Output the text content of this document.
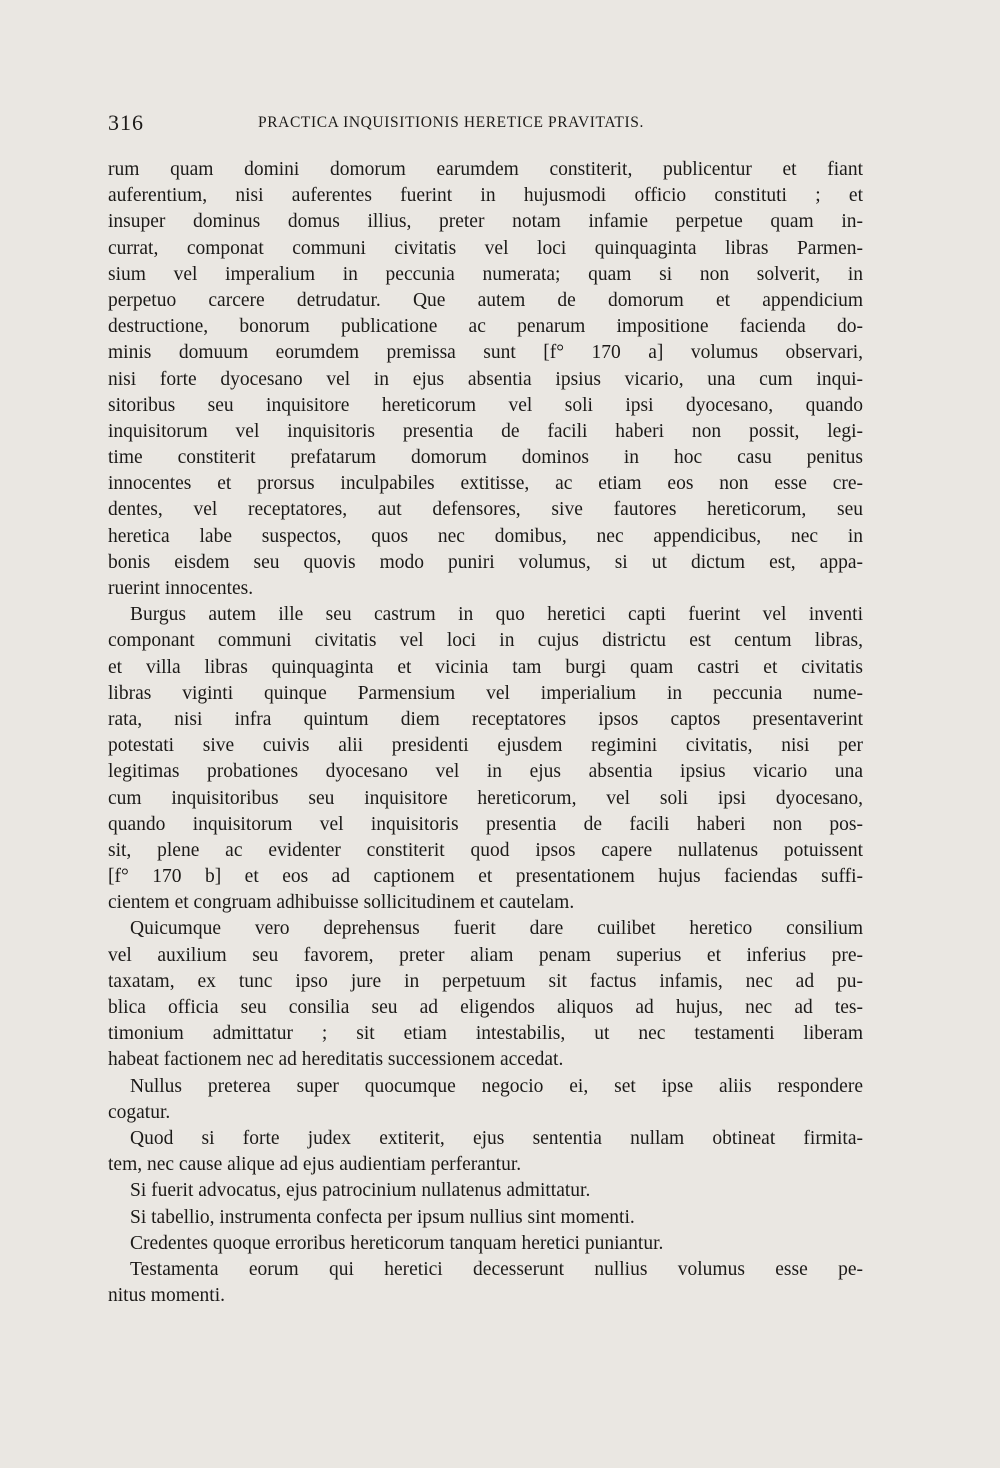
316	PRACTICA INQUISITIONIS HERETICE PRAVITATIS.
rum quam domini domorum earumdem constiterit, publicentur et fiant
auferentium, nisi auferentes fuerint in hujusmodi officio constituti ; et
insuper dominus domus illius, preter notam infamie perpetue quam in-
currat, componat communi civitatis vel loci quinquaginta libras Parmen-
sium vel imperalium in peccunia numerata; quam si non solverit, in
perpetuo carcere detrudatur. Que autem de domorum et appendicium
destructione, bonorum publicatione ac penarum impositione facienda do-
minis domuum eorumdem premissa sunt [f° 170 a] volumus observari,
nisi forte dyocesano vel in ejus absentia ipsius vicario, una cum inqui-
sitoribus seu inquisitore hereticorum vel soli ipsi dyocesano, quando
inquisitorum vel inquisitoris presentia de facili haberi non possit, legi-
time constiterit prefatarum domorum dominos in hoc casu penitus
innocentes et prorsus inculpabiles extitisse, ac etiam eos non esse cre-
dentes, vel receptatores, aut defensores, sive fautores hereticorum, seu
heretica labe suspectos, quos nec domibus, nec appendicibus, nec in
bonis eisdem seu quovis modo puniri volumus, si ut dictum est, appa-
ruerint innocentes.
Burgus autem ille seu castrum in quo heretici capti fuerint vel inventi
componant communi civitatis vel loci in cujus districtu est centum libras,
et villa libras quinquaginta et vicinia tam burgi quam castri et civitatis
libras viginti quinque Parmensium vel imperialium in peccunia nume-
rata, nisi infra quintum diem receptatores ipsos captos presentaverint
potestati sive cuivis alii presidenti ejusdem regimini civitatis, nisi per
legitimas probationes dyocesano vel in ejus absentia ipsius vicario una
cum inquisitoribus seu inquisitore hereticorum, vel soli ipsi dyocesano,
quando inquisitorum vel inquisitoris presentia de facili haberi non pos-
sit, plene ac evidenter constiterit quod ipsos capere nullatenus potuissent
[f° 170 b] et eos ad captionem et presentationem hujus faciendas suffi-
cientem et congruam adhibuisse sollicitudinem et cautelam.
Quicumque vero deprehensus fuerit dare cuilibet heretico consilium
vel auxilium seu favorem, preter aliam penam superius et inferius pre-
taxatam, ex tunc ipso jure in perpetuum sit factus infamis, nec ad pu-
blica officia seu consilia seu ad eligendos aliquos ad hujus, nec ad tes-
timonium admittatur ; sit etiam intestabilis, ut nec testamenti liberam
habeat factionem nec ad hereditatis successionem accedat.
Nullus preterea super quocumque negocio ei, set ipse aliis respondere
cogatur.
Quod si forte judex extiterit, ejus sententia nullam obtineat firmita-
tem, nec cause alique ad ejus audientiam perferantur.
Si fuerit advocatus, ejus patrocinium nullatenus admittatur.
Si tabellio, instrumenta confecta per ipsum nullius sint momenti.
Credentes quoque erroribus hereticorum tanquam heretici puniantur.
Testamenta eorum qui heretici decesserunt nullius volumus esse pe-
nitus momenti.
